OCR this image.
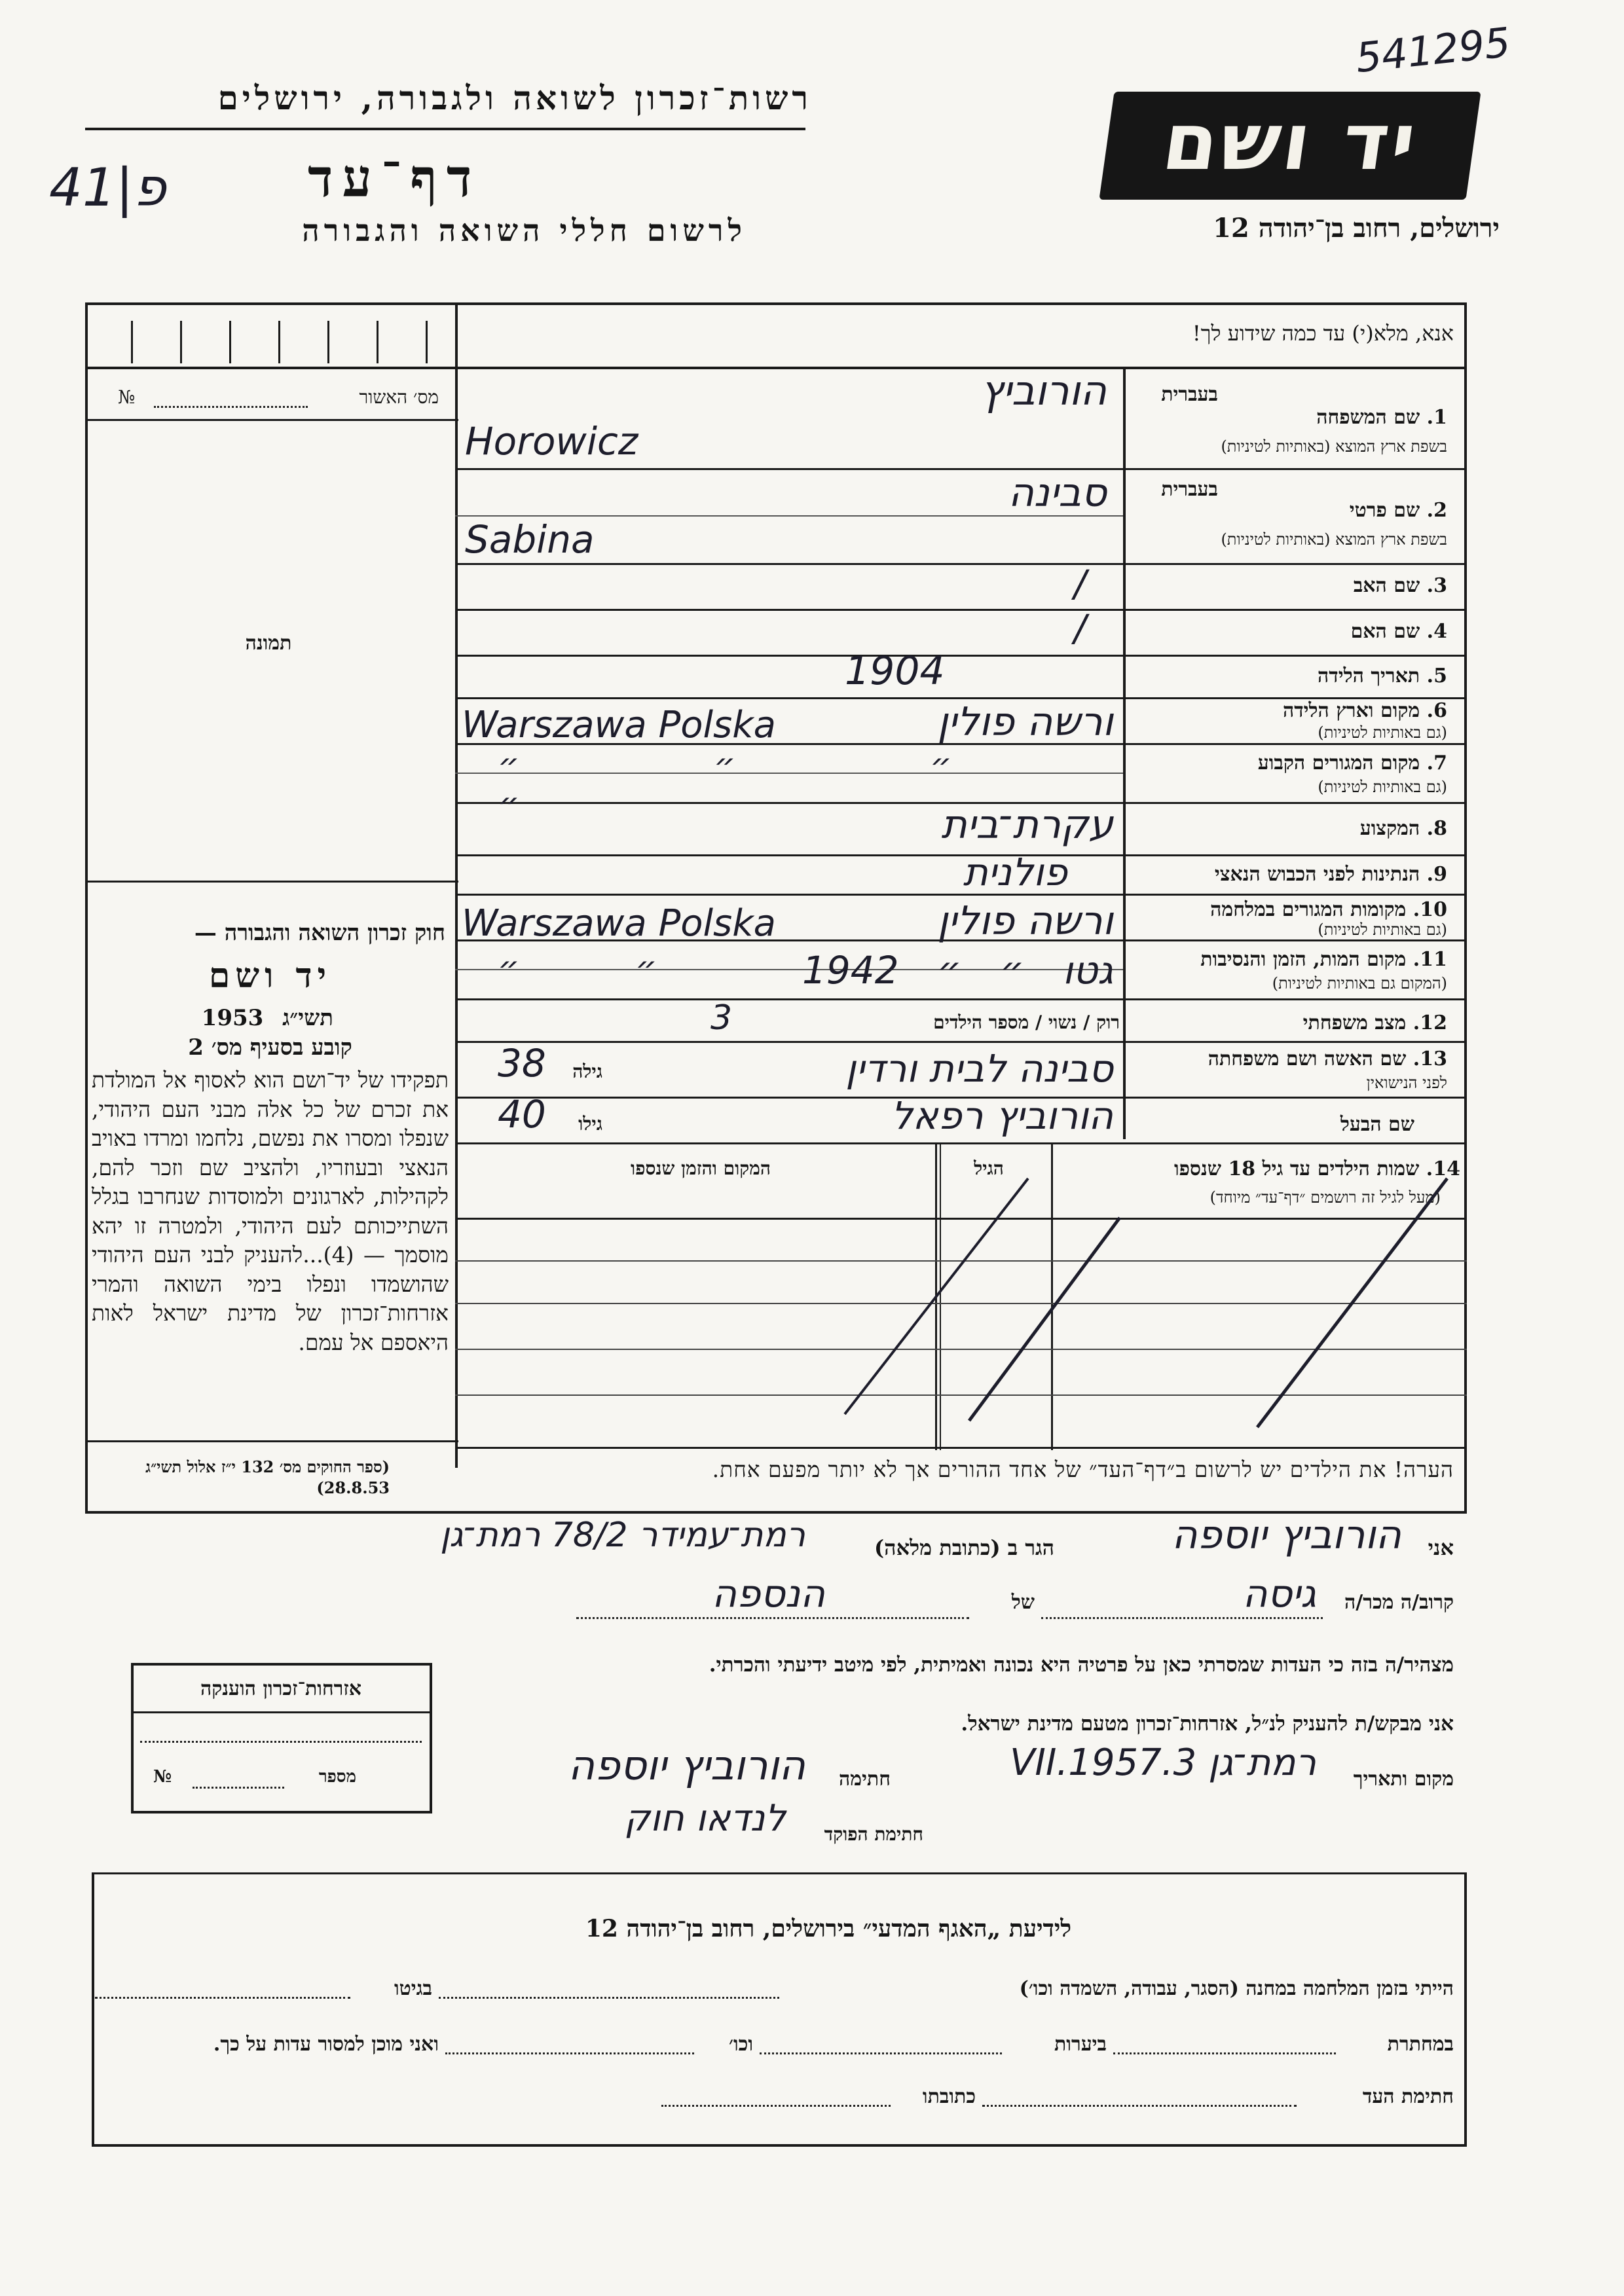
541295
רשות־זכרון לשואה ולגבורה, ירושלים
41|פ	דף־עד
לרשום חללי השואה והגבורה
יד ושם
ירושלים, רחוב בן־יהודה 12
אנא, מלא(י) עד כמה שידוע לך!
מס׳ האשור
№
תמונה
חוק זכרון השואה והגבורה —
יד ושם
תשי״ג
1953
קובע בסעיף מס׳ 2
תפקידו של יד־ושם הוא לאסוף אל המולדת את זכרם של כל אלה מבני העם היהודי, שנפלו ומסרו את נפשם, נלחמו ומרדו באויב הנאצי ובעוזריו, ולהציב שם וזכר להם, לקהילות, לארגונים ולמוסדות שנחרבו בגלל השתייכותם לעם היהודי, ולמטרה זו יהא מוסמך — (4)...להעניק לבני העם היהודי שהושמדו ונפלו בימי השואה והמרי אזרחות־זכרון של מדינת ישראל לאות היאספם אל עמם.
(ספר החוקים מס׳ 132 י״ז אלול תשי״ג 28.8.53)
בעברית
1. שם המשפחה
בשפת ארץ המוצא (באותיות לטיניות)
הורוביץ
Horowicz
בעברית
2. שם פרטי
בשפת ארץ המוצא (באותיות לטיניות)
סבינה
Sabina
3. שם האב
/
4. שם האם
/
5. תאריך הלידה
1904
6. מקום וארץ הלידה
(גם באותיות לטיניות)
ורשה פולין
Warszawa Polska
7. מקום המגורים הקבוע
(גם באותיות לטיניות)
״ ״ ״ ״
8. המקצוע
עקרת־בית
9. הנתינות לפני הכבוש הנאצי
פולנית
10. מקומות המגורים במלחמה
(גם באותיות לטיניות)
ורשה פולין
Warszawa Polska
11. מקום המות, הזמן והנסיבות
(המקום גם באותיות לטיניות)
גטו ״ ״ 1942
״ ״
12. מצב משפחתי
רוק / נשוי / מספר הילדים
3
13. שם האשה ושם משפחתה
לפני הנישואין
סבינה לבית ורדין
גילה
38
שם הבעל
הורוביץ רפאל
גילו
40
14. שמות הילדים עד גיל 18 שנספו
(מעל לגיל זה רושמים ״דף־עד״ מיוחד)
הגיל
המקום והזמן שנספו
הערה! את הילדים יש לרשום ב״דף־העד״ של אחד ההורים אך לא יותר מפעם אחת.
אני
הורוביץ יוספה
הגר ב (כתובת מלאה)
רמת־עמידר 78/2 רמת־גן
קרוב/ה מכר/ה
גיסה
של
הנספה
מצהיר/ה בזה כי העדות שמסרתי כאן על פרטיה היא נכונה ואמיתית, לפי מיטב ידיעתי והכרתי.
אני מבקש/ת להעניק לנ״ל, אזרחות־זכרון מטעם מדינת ישראל.
מקום ותאריך
רמת־גן 3.VII.1957
חתימה
הורוביץ יוספה
חתימת הפוקד
לנדאו חוק
אזרחות־זכרון הוענקה
מספר
№
לידיעת „האגף המדעי״ בירושלים, רחוב בן־יהודה 12
הייתי בזמן המלחמה במחנה (הסגר, עבודה, השמדה וכו׳)
בגיטו
במחתרת
ביערות
וכו׳
ואני מוכן למסור עדות על כך.
חתימת העד
כתובתו
